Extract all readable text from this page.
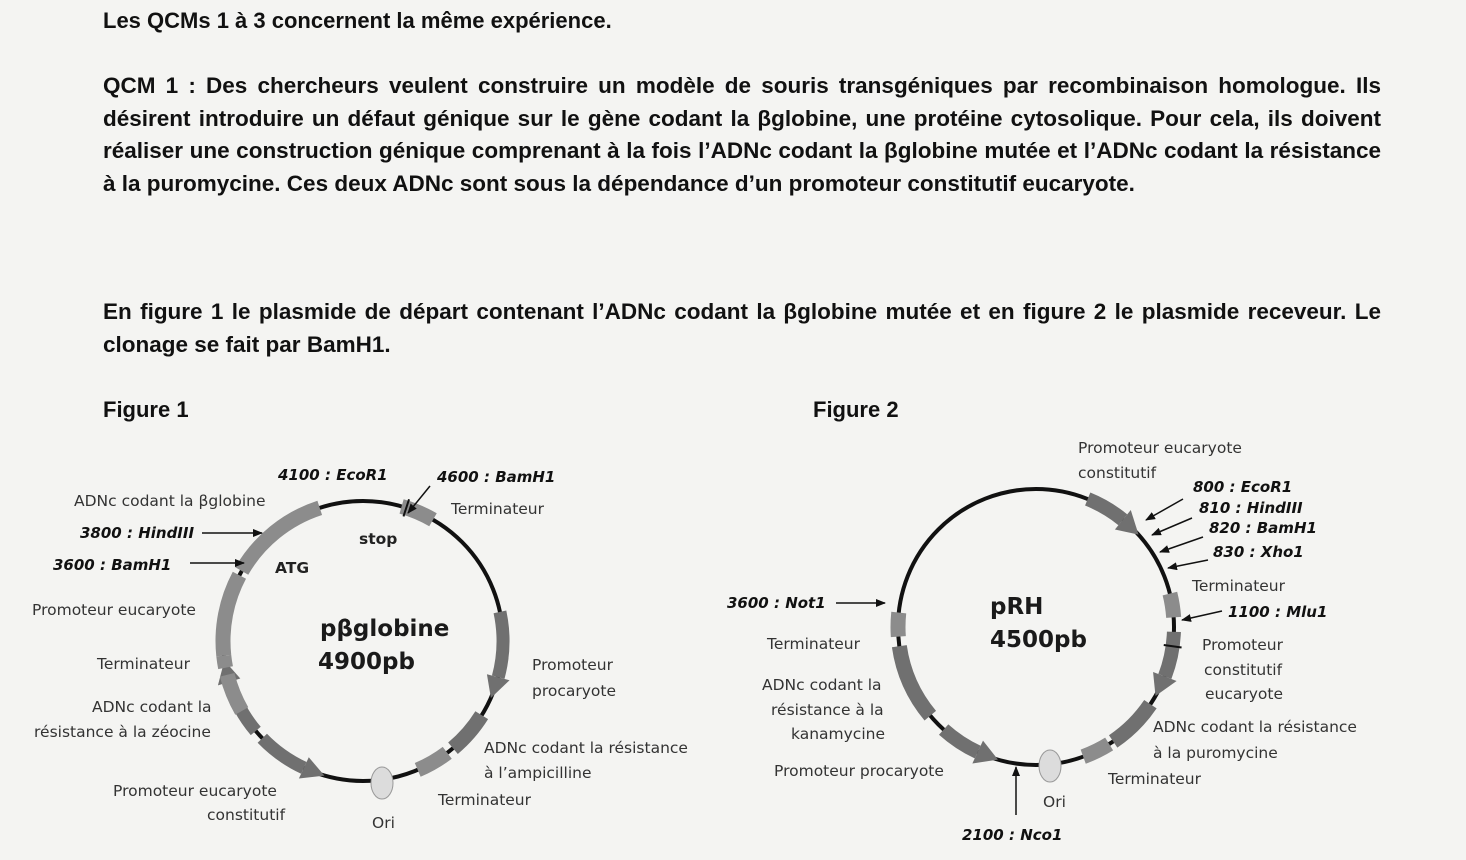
Les QCMs 1 à 3 concernent la même expérience.
QCM 1 : Des chercheurs veulent construire un modèle de souris transgéniques par recombinaison homologue. Ils désirent introduire un défaut génique sur le gène codant la βglobine, une protéine cytosolique. Pour cela, ils doivent réaliser une construction génique comprenant à la fois l’ADNc codant la βglobine mutée et l’ADNc codant la résistance à la puromycine. Ces deux ADNc sont sous la dépendance d’un promoteur constitutif eucaryote.
En figure 1 le plasmide de départ contenant l’ADNc codant la βglobine mutée et en figure 2 le plasmide receveur. Le clonage se fait par BamH1.
Figure 1	Figure 2
pβglobine
4900pb
4100 : EcoR1	4600 : BamH1
3800 : HindIII
3600 : BamH1
ADNc codant la βglobine
stop
ATG
Terminateur
Promoteur eucaryote
Terminateur
ADNc codant la
résistance à la zéocine
Promoteur eucaryote
constitutif	Ori
Terminateur
ADNc codant la résistance
à l’ampicilline
Promoteur
procaryote
pRH
4500pb
Promoteur eucaryote
constitutif
800 : EcoR1
810 : HindIII
820 : BamH1
830 : Xho1
1100 : Mlu1
3600 : Not1
2100 : Nco1
Terminateur
Promoteur
constitutif
eucaryote
ADNc codant la résistance
à la puromycine
Terminateur
Ori
Promoteur procaryote
ADNc codant la
résistance à la
kanamycine
Terminateur
